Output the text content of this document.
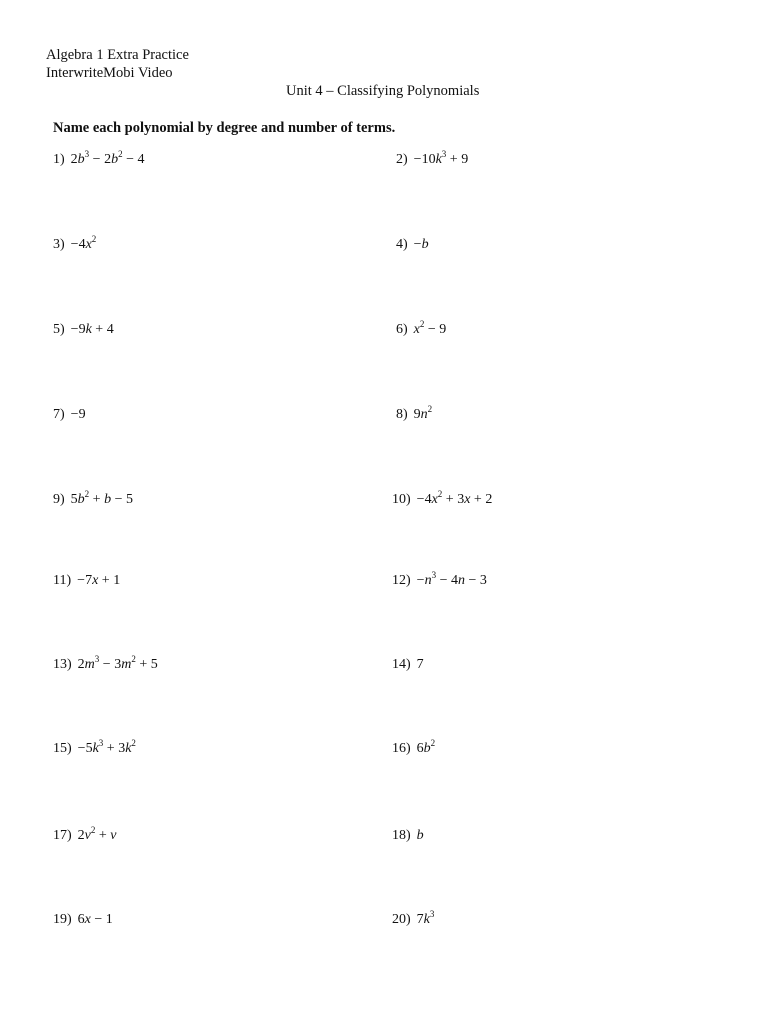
Algebra 1 Extra Practice
InterwriteMobi Video
Unit 4 – Classifying Polynomials
Name each polynomial by degree and number of terms.
1) $2b^3 - 2b^2 - 4$	$2) -10k^3 + 9$
$3) -4x^2$	4) −b
5) −9k + 4	6) $x^2 - 9$
7) −9	8) $9n^2$
9) $5b^2 + b - 5$	$10) -4x^2 + 3x + 2$
11) −7x + 1	$12) -n^3 - 4n - 3$
13) $2m^3 - 3m^2 + 5$	14) 7
$15) -5k^3 + 3k^2$	16) $6b^2$
17) $2v^2 + v$	18) b
19) 6x − 1	20) $7k^3$
